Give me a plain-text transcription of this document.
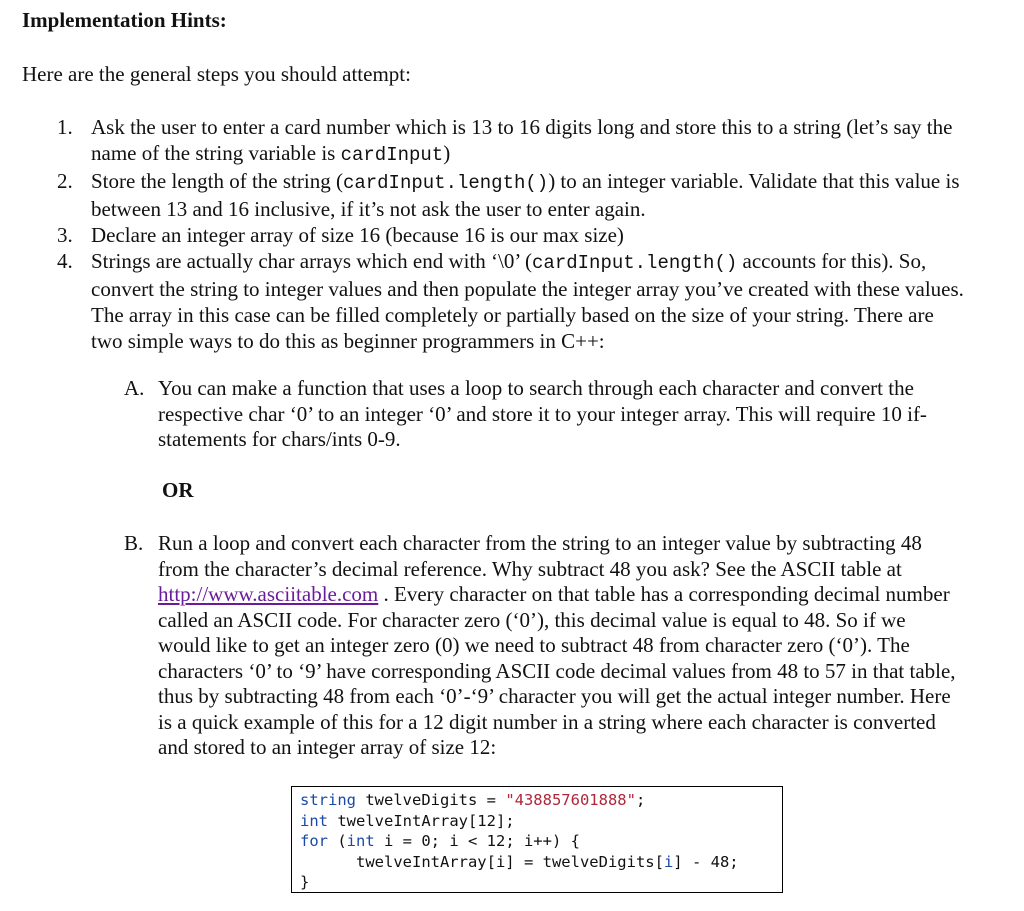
Implementation Hints:
Here are the general steps you should attempt:
1. Ask the user to enter a card number which is 13 to 16 digits long and store this to a string (let’s say the name of the string variable is cardInput)
2. Store the length of the string (cardInput.length()) to an integer variable. Validate that this value is between 13 and 16 inclusive, if it’s not ask the user to enter again.
3. Declare an integer array of size 16 (because 16 is our max size)
4. Strings are actually char arrays which end with ‘\0’ (cardInput.length() accounts for this). So, convert the string to integer values and then populate the integer array you’ve created with these values. The array in this case can be filled completely or partially based on the size of your string. There are two simple ways to do this as beginner programmers in C++:
A. You can make a function that uses a loop to search through each character and convert the respective char ‘0’ to an integer ‘0’ and store it to your integer array. This will require 10 if-statements for chars/ints 0-9.
OR
B. Run a loop and convert each character from the string to an integer value by subtracting 48 from the character’s decimal reference. Why subtract 48 you ask? See the ASCII table at http://www.asciitable.com . Every character on that table has a corresponding decimal number called an ASCII code. For character zero (‘0’), this decimal value is equal to 48. So if we would like to get an integer zero (0) we need to subtract 48 from character zero (‘0’). The characters ‘0’ to ‘9’ have corresponding ASCII code decimal values from 48 to 57 in that table, thus by subtracting 48 from each ‘0’-‘9’ character you will get the actual integer number. Here is a quick example of this for a 12 digit number in a string where each character is converted and stored to an integer array of size 12:
string twelveDigits = "438857601888";
int twelveIntArray[12];
for (int i = 0; i < 12; i++) {
twelveIntArray[i] = twelveDigits[i] - 48;
}
